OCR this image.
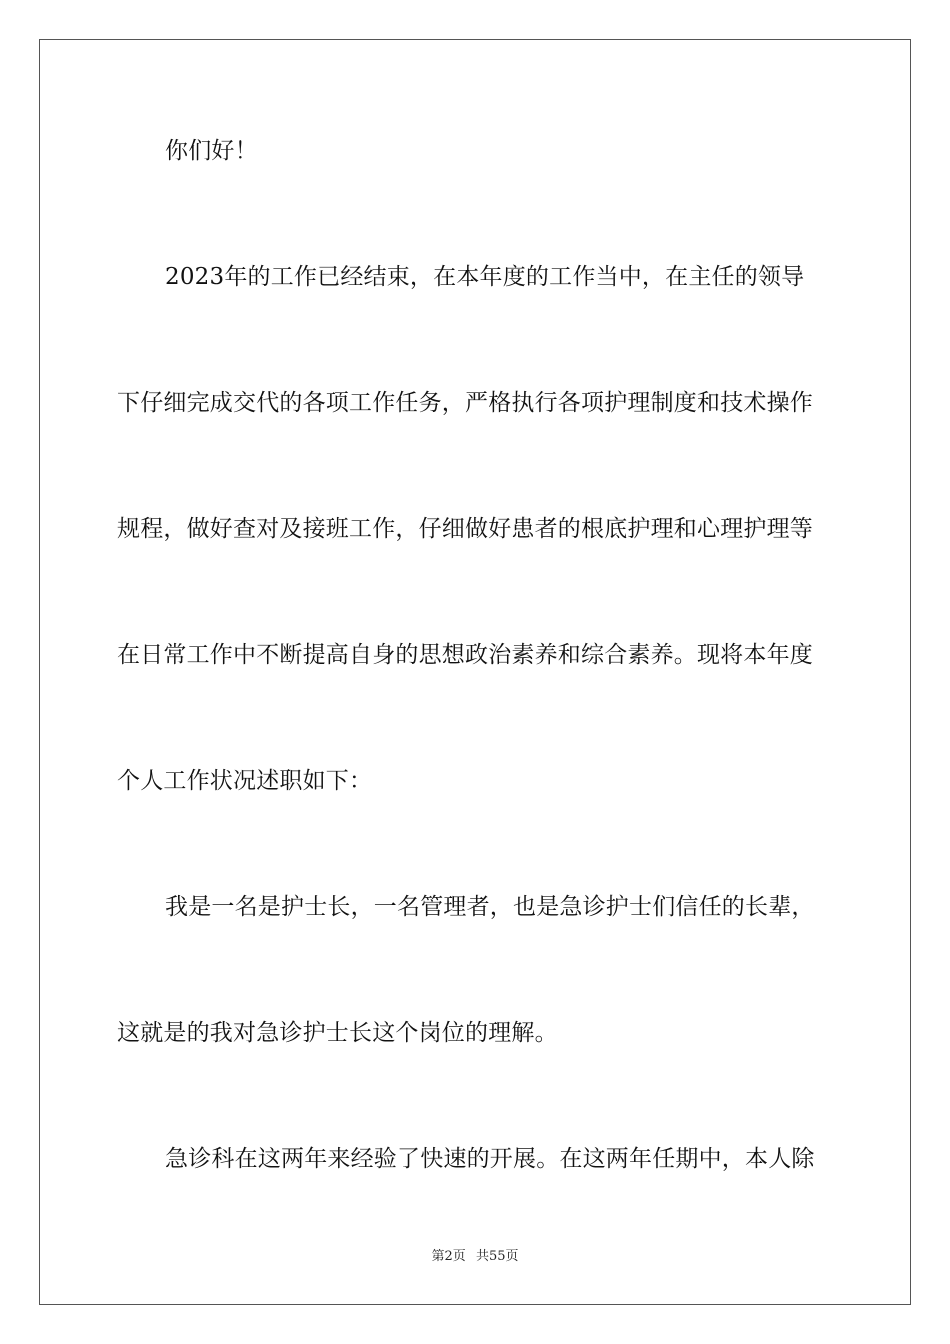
你们好！
2023年的工作已经结束，在本年度的工作当中，在主任的领导
下仔细完成交代的各项工作任务，严格执行各项护理制度和技术操作
规程，做好查对及接班工作，仔细做好患者的根底护理和心理护理等
在日常工作中不断提高自身的思想政治素养和综合素养。现将本年度
个人工作状况述职如下：
我是一名是护士长，一名管理者，也是急诊护士们信任的长辈，
这就是的我对急诊护士长这个岗位的理解。
急诊科在这两年来经验了快速的开展。在这两年任期中，本人除
第2页 共55页
